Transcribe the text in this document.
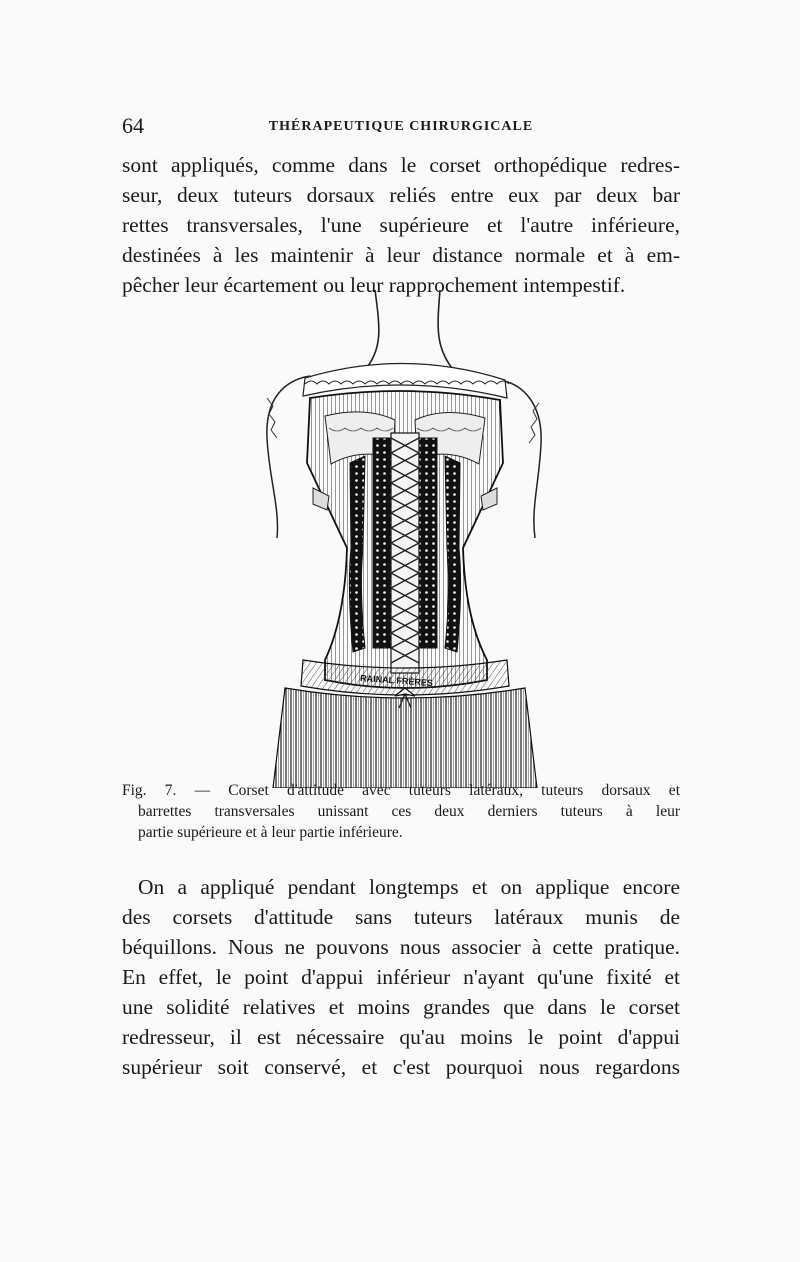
64	THÉRAPEUTIQUE CHIRURGICALE
sont appliqués, comme dans le corset orthopédique redres-
seur, deux tuteurs dorsaux reliés entre eux par deux bar
rettes transversales, l'une supérieure et l'autre inférieure,
destinées à les maintenir à leur distance normale et à em-
pêcher leur écartement ou leur rapprochement intempestif.
RAINAL FRÈRES
Fig. 7. — Corset d'attitude avec tuteurs latéraux, tuteurs dorsaux et
barrettes transversales unissant ces deux derniers tuteurs à leur
partie supérieure et à leur partie inférieure.
On a appliqué pendant longtemps et on applique encore
des corsets d'attitude sans tuteurs latéraux munis de
béquillons. Nous ne pouvons nous associer à cette pratique.
En effet, le point d'appui inférieur n'ayant qu'une fixité et
une solidité relatives et moins grandes que dans le corset
redresseur, il est nécessaire qu'au moins le point d'appui
supérieur soit conservé, et c'est pourquoi nous regardons
